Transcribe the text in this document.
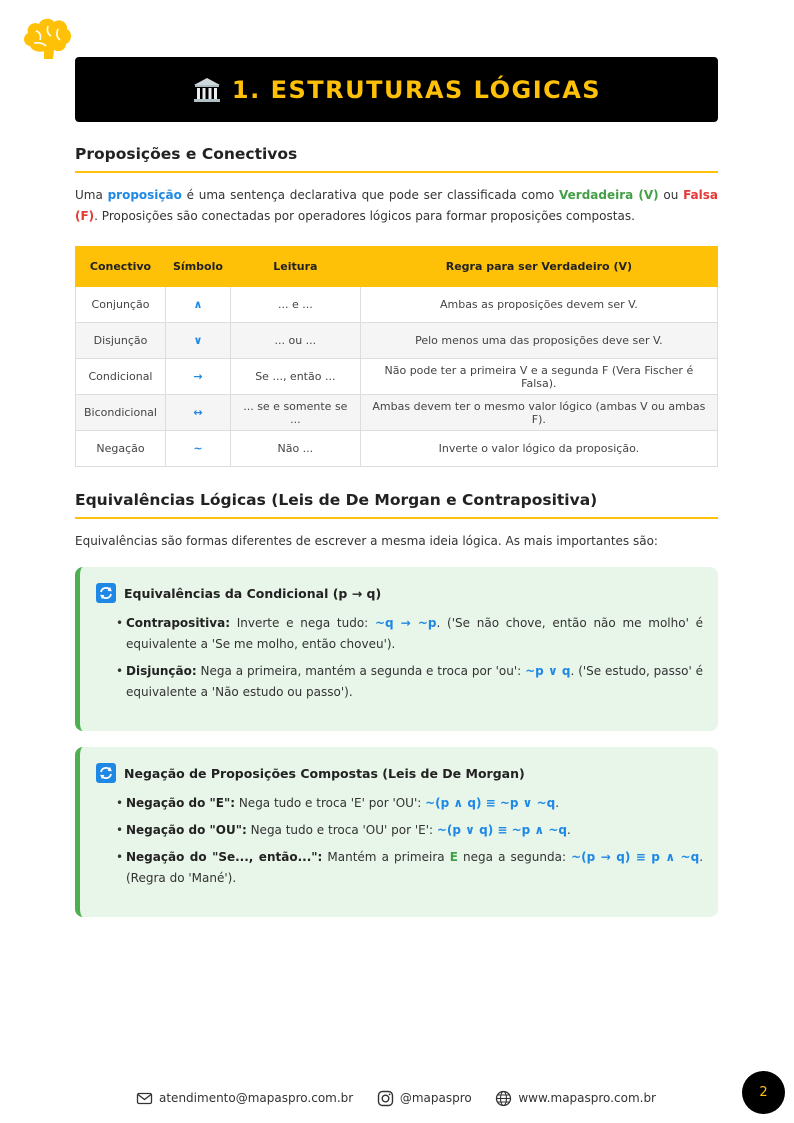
1. ESTRUTURAS LÓGICAS
Proposições e Conectivos

Uma proposição é uma sentença declarativa que pode ser classificada como Verdadeira (V) ou Falsa (F). Proposições são conectadas por operadores lógicos para formar proposições compostas.

Conectivo	Símbolo	Leitura	Regra para ser Verdadeiro (V)
Conjunção	∧	... e ...	Ambas as proposições devem ser V.
Disjunção	∨	... ou ...	Pelo menos uma das proposições deve ser V.
Condicional	→	Se ..., então ...	Não pode ter a primeira V e a segunda F (Vera Fischer é Falsa).
Bicondicional	↔	... se e somente se ...	Ambas devem ter o mesmo valor lógico (ambas V ou ambas F).
Negação	~	Não ...	Inverte o valor lógico da proposição.
Equivalências Lógicas (Leis de De Morgan e Contrapositiva)

Equivalências são formas diferentes de escrever a mesma ideia lógica. As mais importantes são:

Equivalências da Condicional (p → q)
• Contrapositiva: Inverte e nega tudo: ~q → ~p. ('Se não chove, então não me molho' é equivalente a 'Se me molho, então choveu').
• Disjunção: Nega a primeira, mantém a segunda e troca por 'ou': ~p ∨ q. ('Se estudo, passo' é equivalente a 'Não estudo ou passo').
Negação de Proposições Compostas (Leis de De Morgan)
• Negação do "E": Nega tudo e troca 'E' por 'OU': ~(p ∧ q) ≡ ~p ∨ ~q.
• Negação do "OU": Nega tudo e troca 'OU' por 'E': ~(p ∨ q) ≡ ~p ∧ ~q.
• Negação do "Se..., então...": Mantém a primeira E nega a segunda: ~(p → q) ≡ p ∧ ~q. (Regra do 'Mané').
atendimento@mapaspro.com.br	@mapaspro	www.mapaspro.com.br	2
